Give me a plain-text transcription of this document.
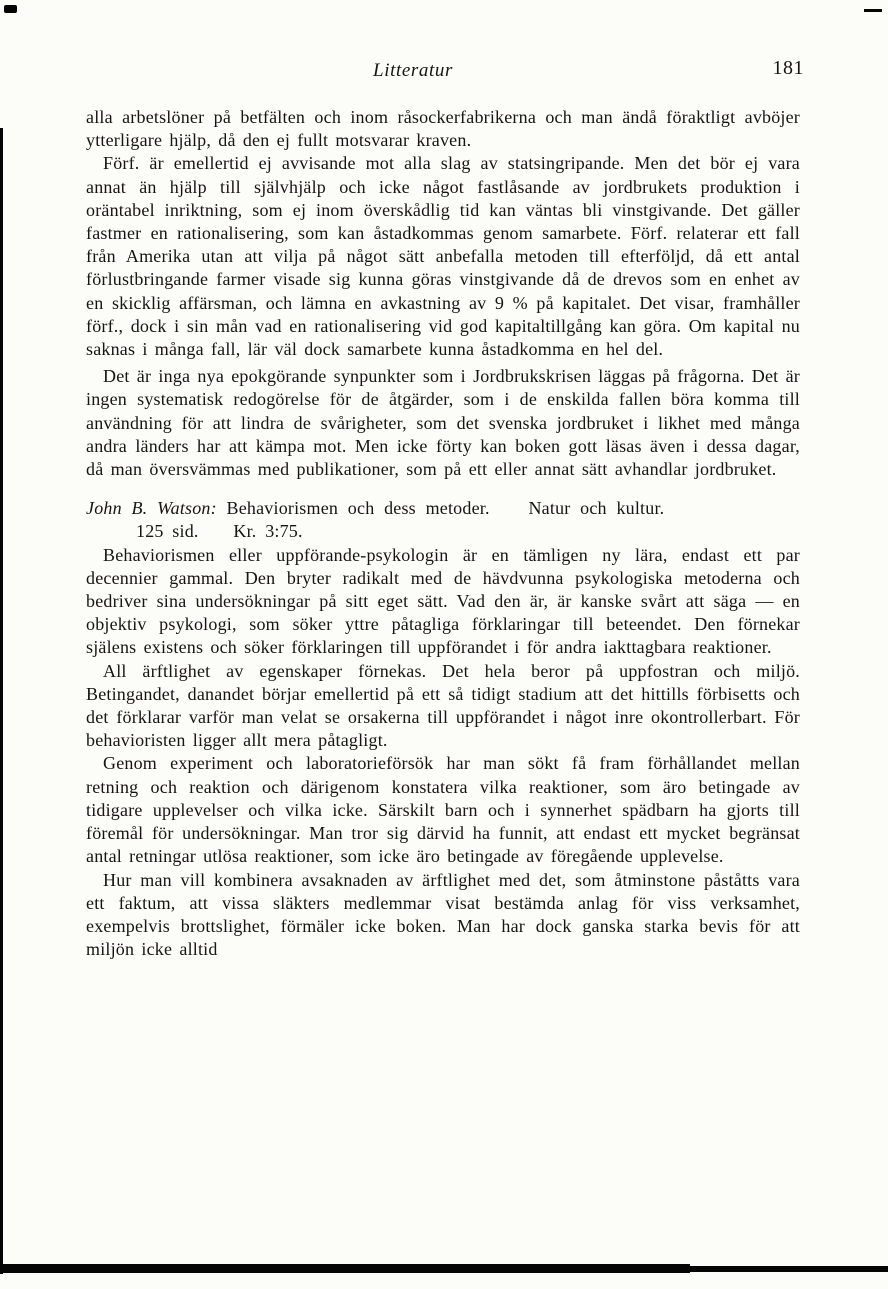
Litteratur	181

alla arbetslöner på betfälten och inom råsockerfabrikerna och man ändå föraktligt avböjer ytterligare hjälp, då den ej fullt motsvarar kraven.

Förf. är emellertid ej avvisande mot alla slag av statsingripande. Men det bör ej vara annat än hjälp till självhjälp och icke något fastlåsande av jordbrukets produktion i oräntabel inriktning, som ej inom överskådlig tid kan väntas bli vinstgivande. Det gäller fastmer en rationalisering, som kan åstadkommas genom samarbete. Förf. relaterar ett fall från Amerika utan att vilja på något sätt anbefalla metoden till efterföljd, då ett antal förlustbringande farmer visade sig kunna göras vinstgivande då de drevos som en enhet av en skicklig affärsman, och lämna en avkastning av 9 % på kapitalet. Det visar, framhåller förf., dock i sin mån vad en rationalisering vid god kapitaltillgång kan göra. Om kapital nu saknas i många fall, lär väl dock samarbete kunna åstadkomma en hel del.

Det är inga nya epokgörande synpunkter som i Jordbrukskrisen läggas på frågorna. Det är ingen systematisk redogörelse för de åtgärder, som i de enskilda fallen böra komma till användning för att lindra de svårigheter, som det svenska jordbruket i likhet med många andra länders har att kämpa mot. Men icke förty kan boken gott läsas även i dessa dagar, då man översvämmas med publikationer, som på ett eller annat sätt avhandlar jordbruket.

John B. Watson: Behaviorismen och dess metoder.    Natur och kultur.

125 sid.    Kr. 3:75.

Behaviorismen eller uppförande-psykologin är en tämligen ny lära, endast ett par decennier gammal. Den bryter radikalt med de hävdvunna psykologiska metoderna och bedriver sina undersökningar på sitt eget sätt. Vad den är, är kanske svårt att säga — en objektiv psykologi, som söker yttre påtagliga förklaringar till beteendet. Den förnekar själens existens och söker förklaringen till uppförandet i för andra iakttagbara reaktioner.

All ärftlighet av egenskaper förnekas. Det hela beror på uppfostran och miljö. Betingandet, danandet börjar emellertid på ett så tidigt stadium att det hittills förbisetts och det förklarar varför man velat se orsakerna till uppförandet i något inre okontrollerbart. För behavioristen ligger allt mera påtagligt.

Genom experiment och laboratorieförsök har man sökt få fram förhållandet mellan retning och reaktion och därigenom konstatera vilka reaktioner, som äro betingade av tidigare upplevelser och vilka icke. Särskilt barn och i synnerhet spädbarn ha gjorts till föremål för undersökningar. Man tror sig därvid ha funnit, att endast ett mycket begränsat antal retningar utlösa reaktioner, som icke äro betingade av föregående upplevelse.

Hur man vill kombinera avsaknaden av ärftlighet med det, som åtminstone påståtts vara ett faktum, att vissa släkters medlemmar visat bestämda anlag för viss verksamhet, exempelvis brottslighet, förmäler icke boken. Man har dock ganska starka bevis för att miljön icke alltid
